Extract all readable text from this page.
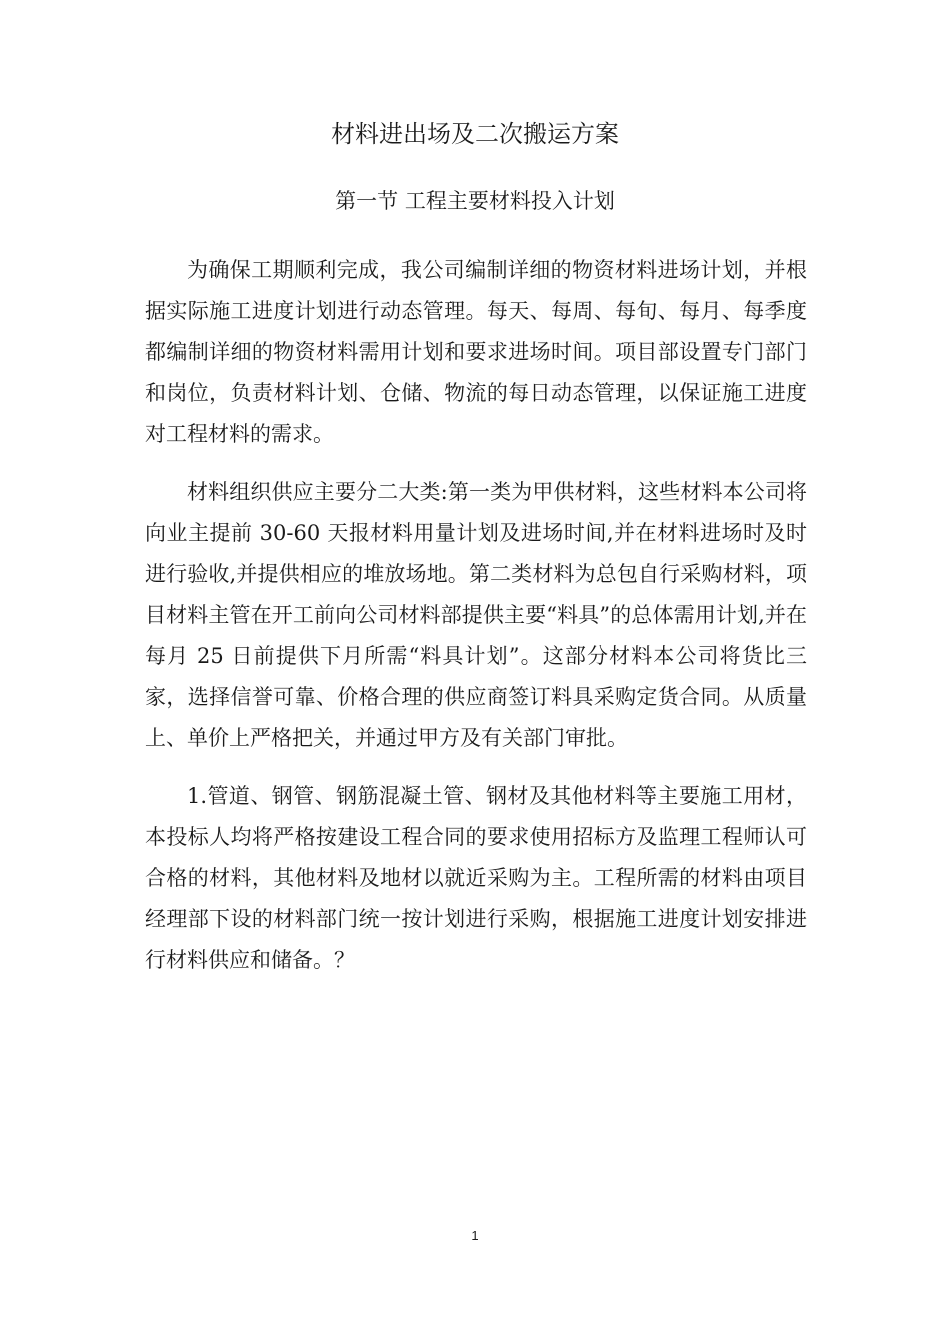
材料进出场及二次搬运方案
第一节 工程主要材料投入计划

为确保工期顺利完成，我公司编制详细的物资材料进场计划，并根据实际施工进度计划进行动态管理。每天、每周、每旬、每月、每季度都编制详细的物资材料需用计划和要求进场时间。项目部设置专门部门和岗位，负责材料计划、仓储、物流的每日动态管理，以保证施工进度对工程材料的需求。

材料组织供应主要分二大类:第一类为甲供材料，这些材料本公司将向业主提前 30-60 天报材料用量计划及进场时间,并在材料进场时及时进行验收,并提供相应的堆放场地。第二类材料为总包自行采购材料，项目材料主管在开工前向公司材料部提供主要“料具”的总体需用计划,并在每月 25 日前提供下月所需“料具计划”。这部分材料本公司将货比三家，选择信誉可靠、价格合理的供应商签订料具采购定货合同。从质量上、单价上严格把关，并通过甲方及有关部门审批。

1.管道、钢管、钢筋混凝土管、钢材及其他材料等主要施工用材，本投标人均将严格按建设工程合同的要求使用招标方及监理工程师认可合格的材料，其他材料及地材以就近采购为主。工程所需的材料由项目经理部下设的材料部门统一按计划进行采购，根据施工进度计划安排进行材料供应和储备。？

1
